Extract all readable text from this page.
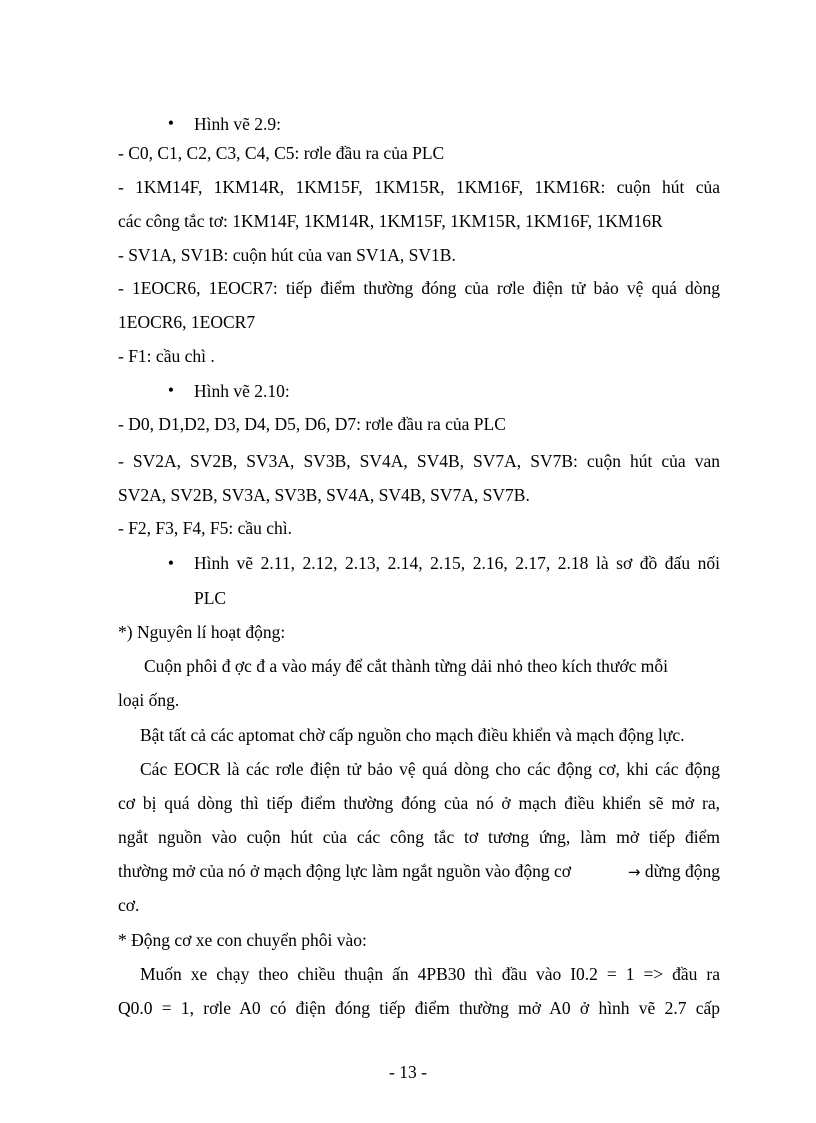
• Hình vẽ 2.9:
- C0, C1, C2, C3, C4, C5: rơle đầu ra của PLC
- 1KM14F, 1KM14R, 1KM15F, 1KM15R, 1KM16F, 1KM16R: cuộn hút của
các công tắc tơ: 1KM14F, 1KM14R, 1KM15F, 1KM15R, 1KM16F, 1KM16R
- SV1A, SV1B: cuộn hút của van SV1A, SV1B.
- 1EOCR6, 1EOCR7: tiếp điểm thường đóng của rơle điện tử bảo vệ quá dòng
1EOCR6, 1EOCR7
- F1: cầu chì .
• Hình vẽ 2.10:
- D0, D1,D2, D3, D4, D5, D6, D7: rơle đầu ra của PLC
- SV2A, SV2B, SV3A, SV3B, SV4A, SV4B, SV7A, SV7B: cuộn hút của van
SV2A, SV2B, SV3A, SV3B, SV4A, SV4B, SV7A, SV7B.
- F2, F3, F4, F5: cầu chì.
• Hình vẽ 2.11, 2.12, 2.13, 2.14, 2.15, 2.16, 2.17, 2.18 là sơ đồ đấu nối
PLC
*) Nguyên lí hoạt động:
Cuộn phôi đ ợc đ a vào máy để cắt thành từng dải nhỏ theo kích thước mỗi
loại ống.
Bật tất cả các aptomat chờ cấp nguồn cho mạch điều khiển và mạch động lực.
Các EOCR là các rơle điện tử bảo vệ quá dòng cho các động cơ, khi các động
cơ bị quá dòng thì tiếp điểm thường đóng của nó ở mạch điều khiển sẽ mở ra,
ngắt nguồn vào cuộn hút của các công tắc tơ tương ứng, làm mở tiếp điểm
thường mở của nó ở mạch động lực làm ngắt nguồn vào động cơ	→ dừng động
cơ.
* Động cơ xe con chuyển phôi vào:
Muốn xe chạy theo chiều thuận ấn 4PB30 thì đầu vào I0.2 = 1 => đầu ra
Q0.0 = 1, rơle A0 có điện đóng tiếp điểm thường mở A0 ở hình vẽ 2.7 cấp
- 13 -
